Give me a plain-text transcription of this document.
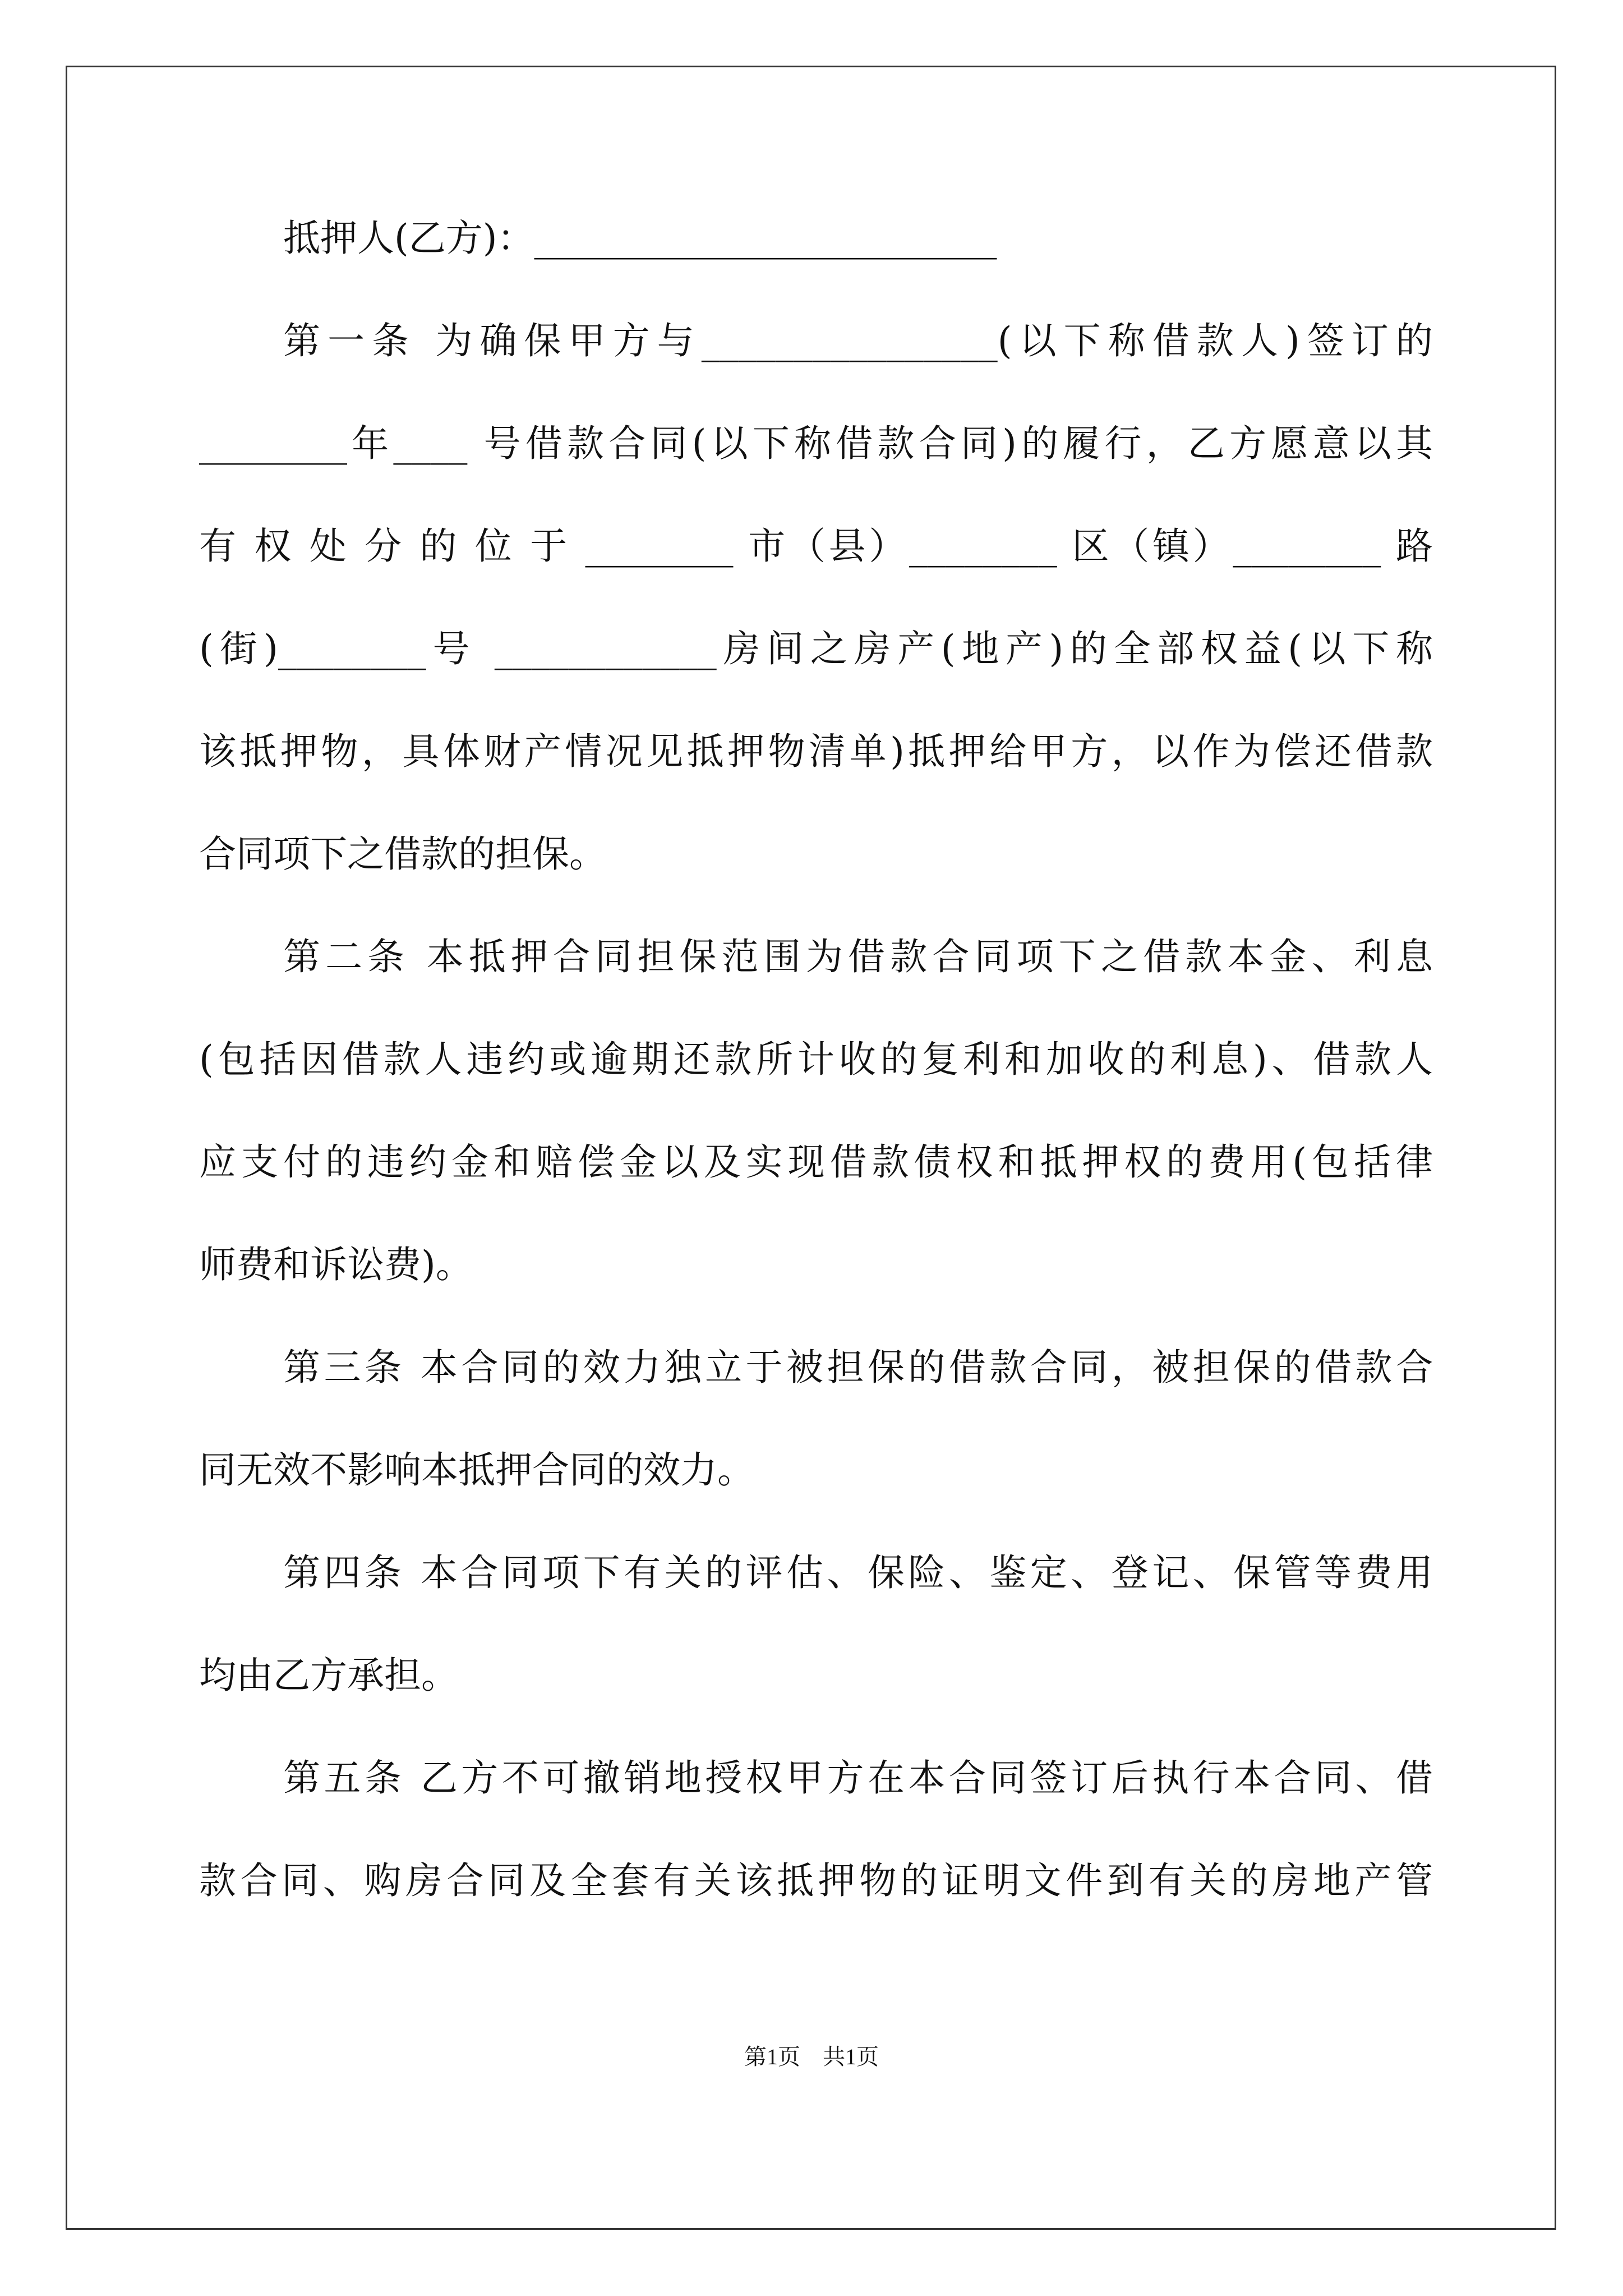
抵押人(乙方)：_________________________
第一条 为确保甲方与________________(以下称借款人)签订的
________年____ 号借款合同(以下称借款合同)的履行，乙方愿意以其
有 权 处 分 的 位 于 ________ 市（县）________ 区（镇）________ 路
(街)________号 ____________房间之房产(地产)的全部权益(以下称
该抵押物，具体财产情况见抵押物清单)抵押给甲方，以作为偿还借款
合同项下之借款的担保。
第二条 本抵押合同担保范围为借款合同项下之借款本金、利息
(包括因借款人违约或逾期还款所计收的复利和加收的利息)、借款人
应支付的违约金和赔偿金以及实现借款债权和抵押权的费用(包括律
师费和诉讼费)。
第三条 本合同的效力独立于被担保的借款合同，被担保的借款合
同无效不影响本抵押合同的效力。
第四条 本合同项下有关的评估、保险、鉴定、登记、保管等费用
均由乙方承担。
第五条 乙方不可撤销地授权甲方在本合同签订后执行本合同、借
款合同、购房合同及全套有关该抵押物的证明文件到有关的房地产管
第1页　共1页
